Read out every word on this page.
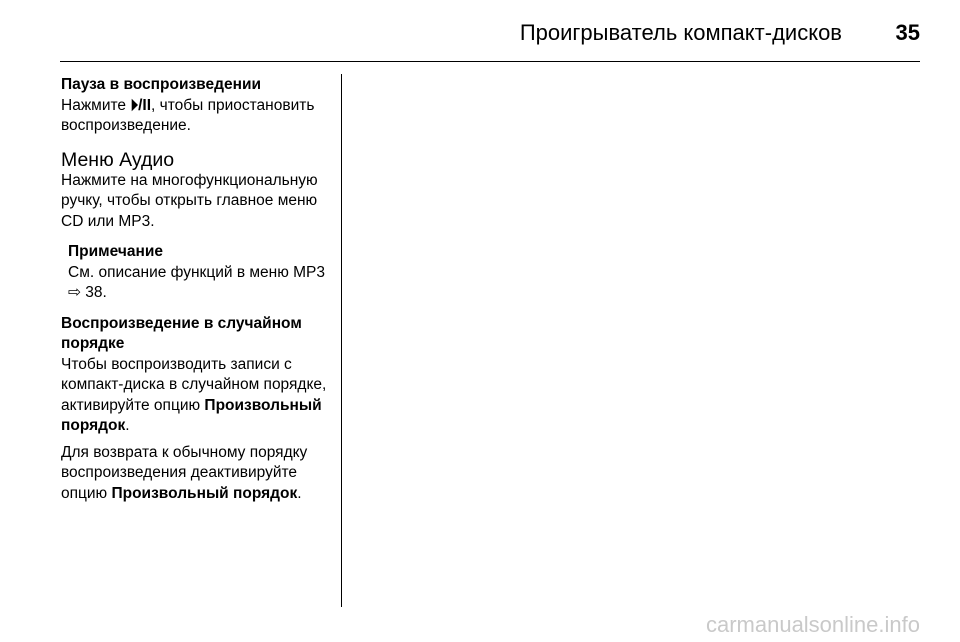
Проигрыватель компакт-дисков 35

Пауза в воспроизведении

Нажмите ⏵/II, чтобы приостановить воспроизведение.

Меню Аудио

Нажмите на многофункциональную ручку, чтобы открыть главное меню CD или MP3.

Примечание

См. описание функций в меню MP3 ⇨ 38.

Воспроизведение в случайном порядке

Чтобы воспроизводить записи с компакт-диска в случайном порядке, активируйте опцию Произвольный порядок.

Для возврата к обычному порядку воспроизведения деактивируйте опцию Произвольный порядок.

carmanualsonline.info
